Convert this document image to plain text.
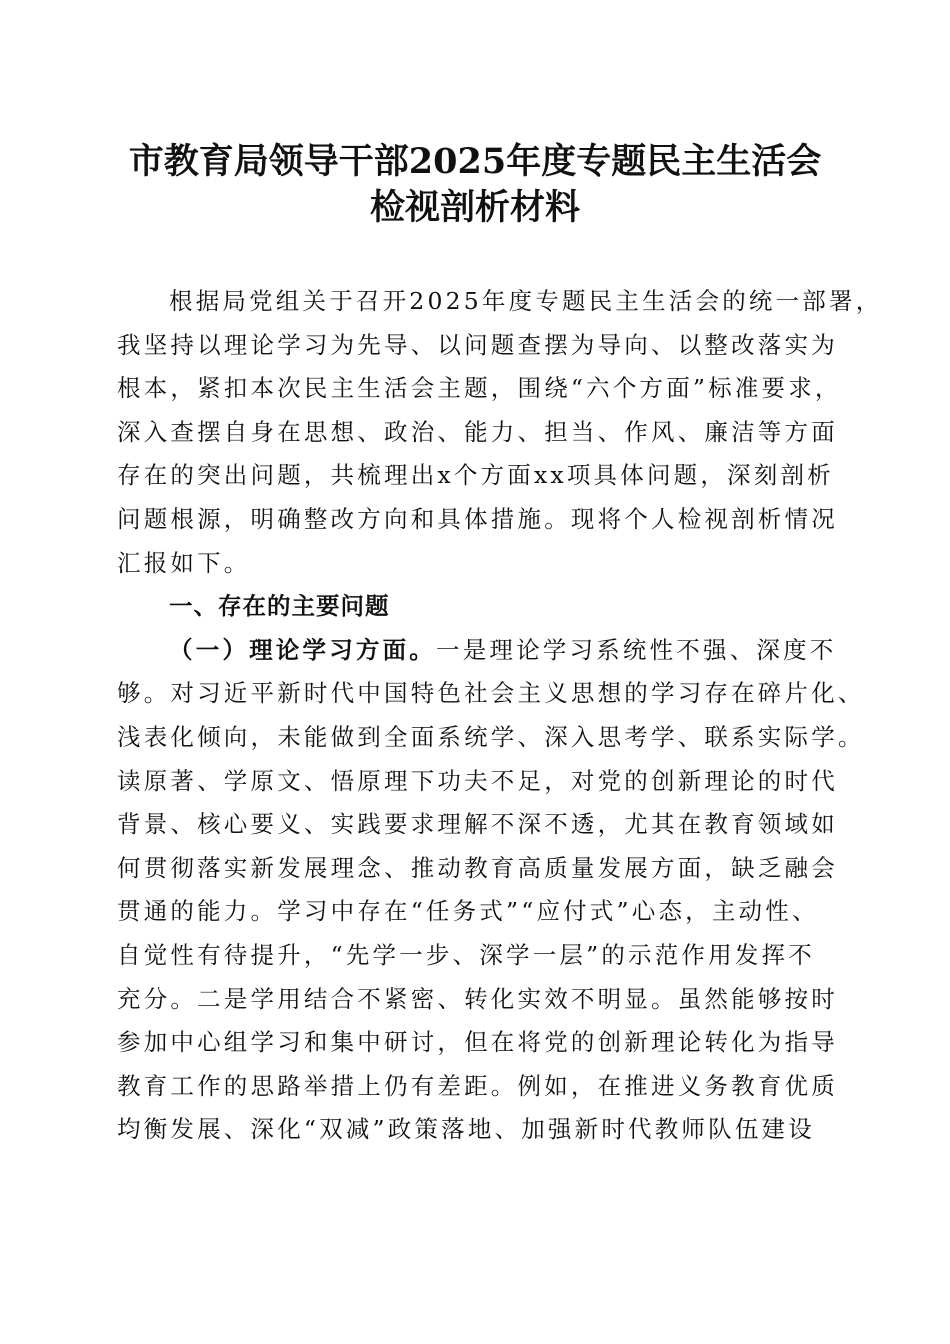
市教育局领导干部2025年度专题民主生活会
检视剖析材料
根据局党组关于召开2025年度专题民主生活会的统一部署，
我坚持以理论学习为先导、以问题查摆为导向、以整改落实为
根本，紧扣本次民主生活会主题，围绕“六个方面”标准要求，
深入查摆自身在思想、政治、能力、担当、作风、廉洁等方面
存在的突出问题，共梳理出x个方面xx项具体问题，深刻剖析
问题根源，明确整改方向和具体措施。现将个人检视剖析情况
汇报如下。
一、存在的主要问题
（一）理论学习方面。一是理论学习系统性不强、深度不
够。对习近平新时代中国特色社会主义思想的学习存在碎片化、
浅表化倾向，未能做到全面系统学、深入思考学、联系实际学。
读原著、学原文、悟原理下功夫不足，对党的创新理论的时代
背景、核心要义、实践要求理解不深不透，尤其在教育领域如
何贯彻落实新发展理念、推动教育高质量发展方面，缺乏融会
贯通的能力。学习中存在“任务式”“应付式”心态，主动性、
自觉性有待提升，“先学一步、深学一层”的示范作用发挥不
充分。二是学用结合不紧密、转化实效不明显。虽然能够按时
参加中心组学习和集中研讨，但在将党的创新理论转化为指导
教育工作的思路举措上仍有差距。例如，在推进义务教育优质
均衡发展、深化“双减”政策落地、加强新时代教师队伍建设
